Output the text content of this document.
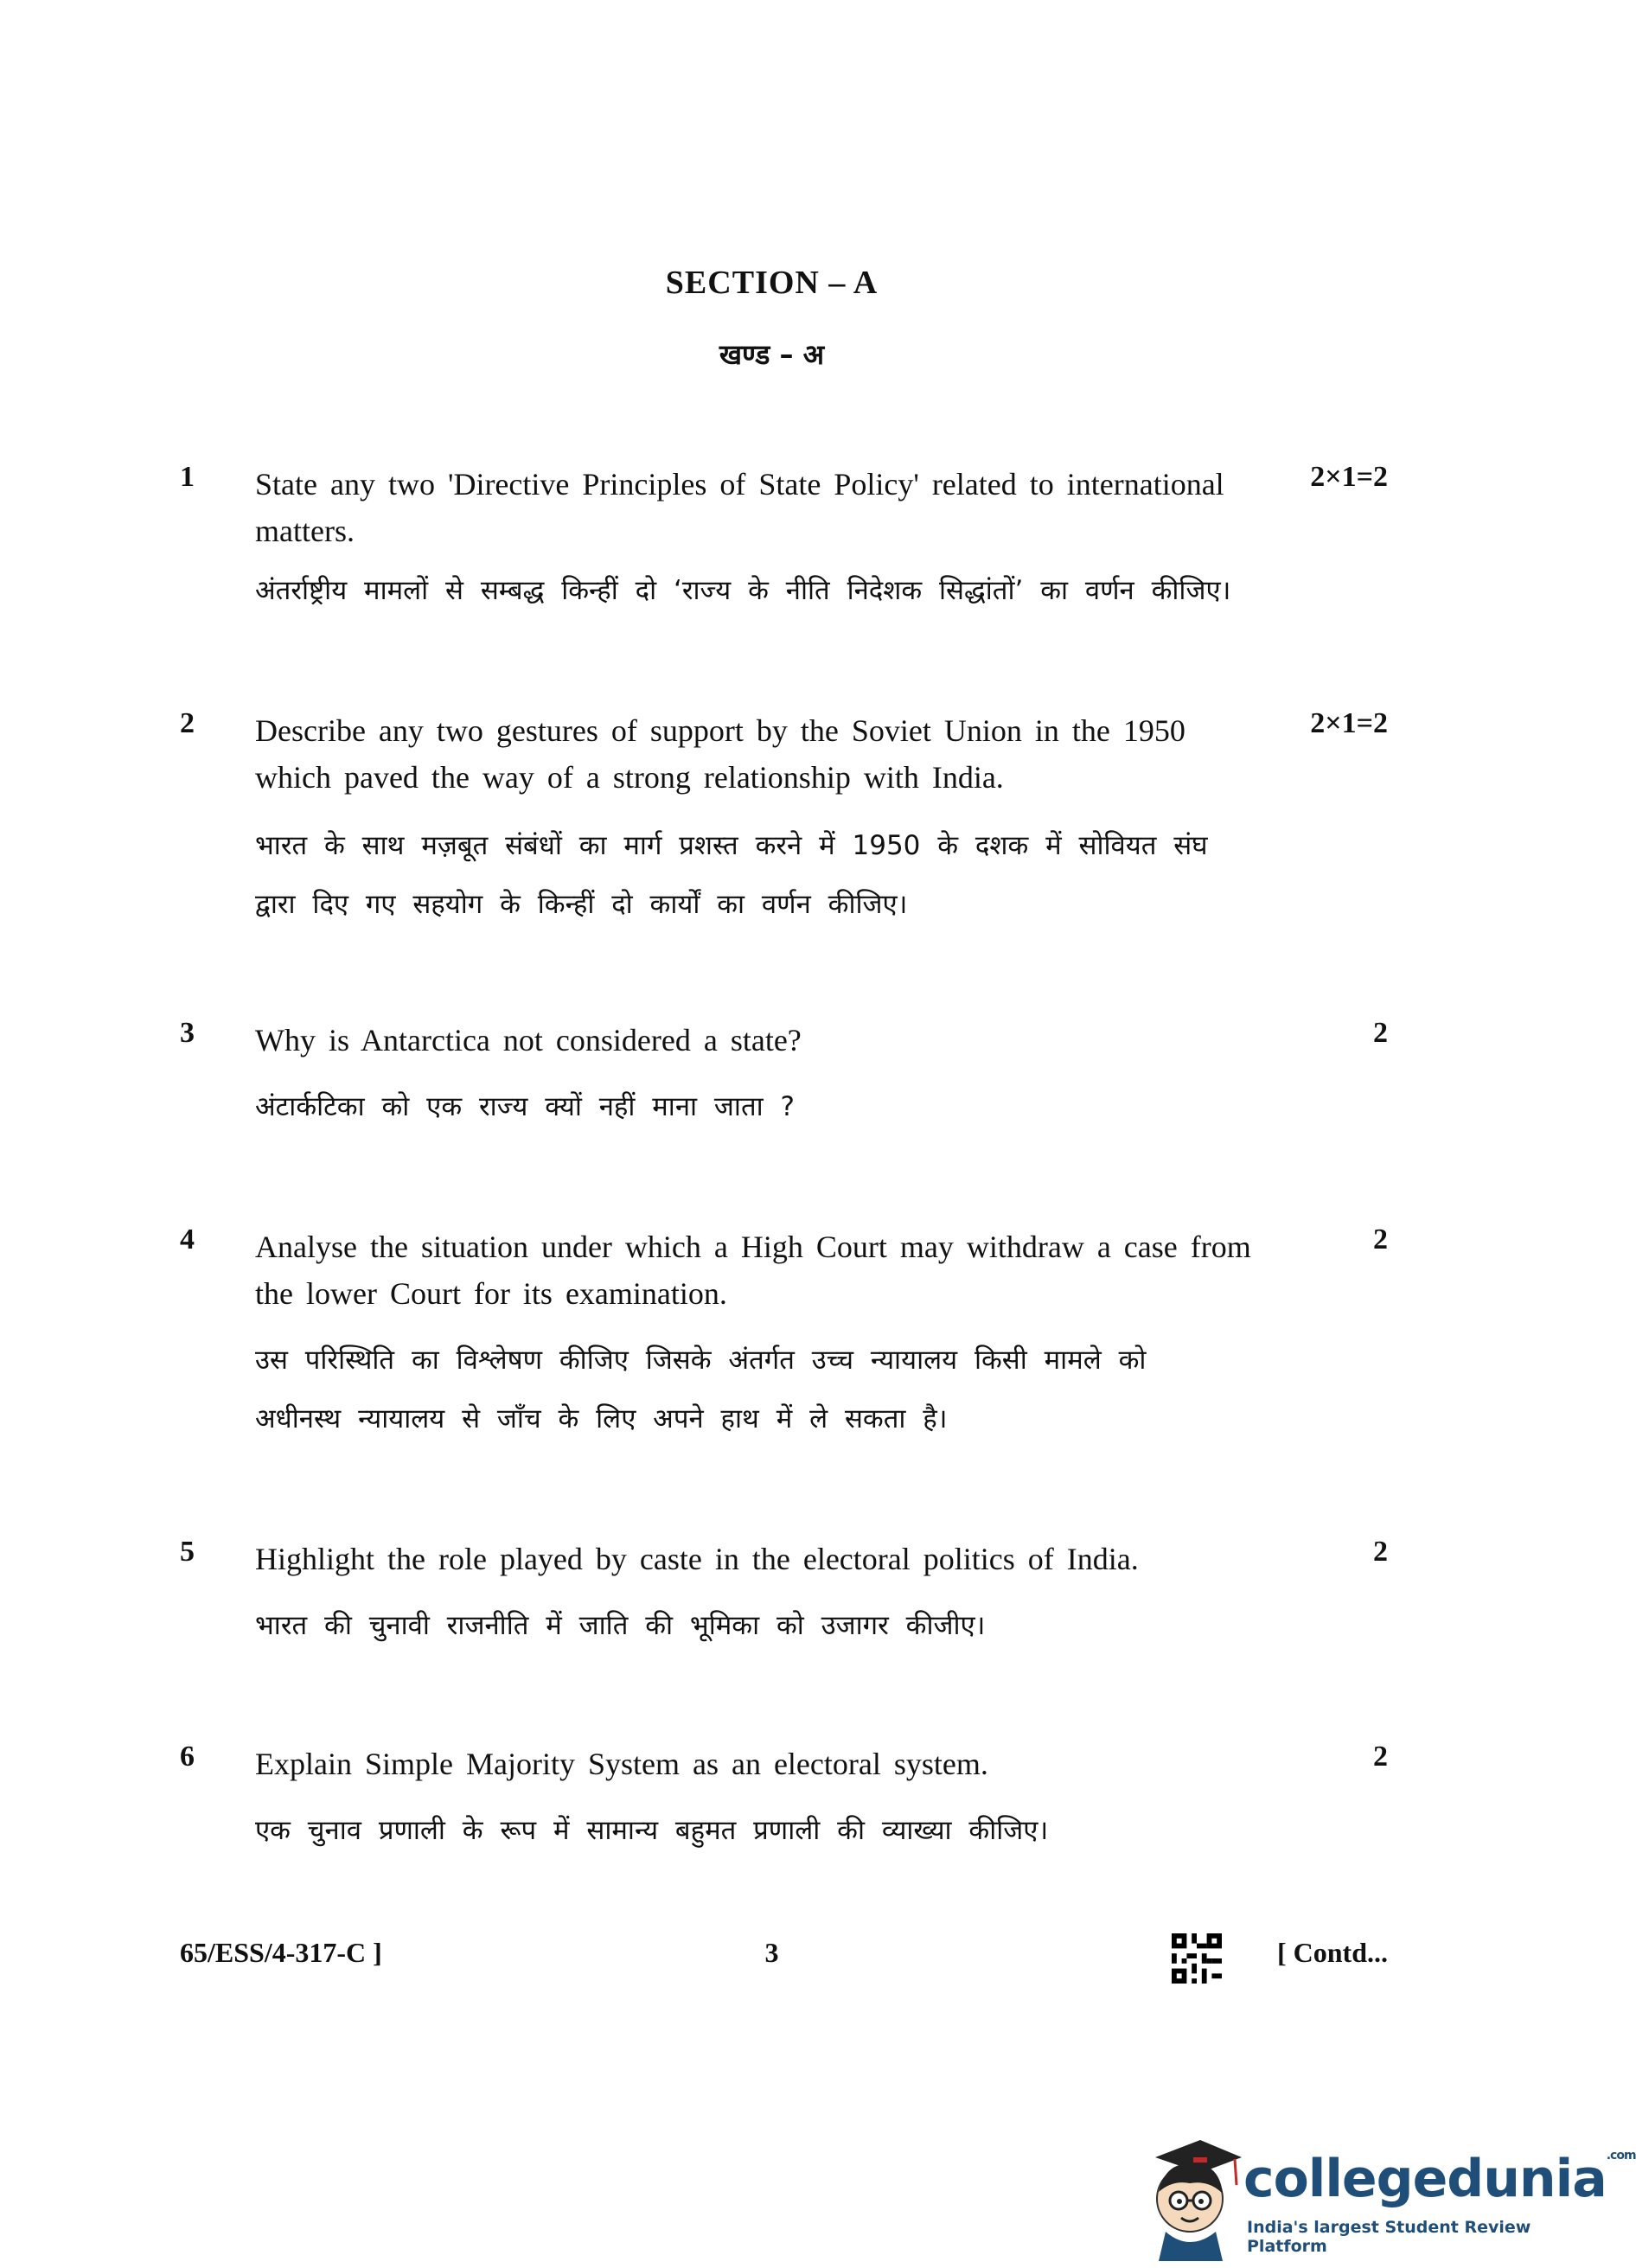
SECTION – A
खण्ड – अ
1 State any two 'Directive Principles of State Policy' related to international matters.
अंतर्राष्ट्रीय मामलों से सम्बद्ध किन्हीं दो ‘राज्य के नीति निदेशक सिद्धांतों’ का वर्णन कीजिए।
2×1=2
2 Describe any two gestures of support by the Soviet Union in the 1950 which paved the way of a strong relationship with India.
भारत के साथ मज़बूत संबंधों का मार्ग प्रशस्त करने में 1950 के दशक में सोवियत संघ द्वारा दिए गए सहयोग के किन्हीं दो कार्यों का वर्णन कीजिए।
2×1=2
3 Why is Antarctica not considered a state?
अंटार्कटिका को एक राज्य क्यों नहीं माना जाता ?
2
4 Analyse the situation under which a High Court may withdraw a case from the lower Court for its examination.
उस परिस्थिति का विश्लेषण कीजिए जिसके अंतर्गत उच्च न्यायालय किसी मामले को अधीनस्थ न्यायालय से जाँच के लिए अपने हाथ में ले सकता है।
2
5 Highlight the role played by caste in the electoral politics of India.
भारत की चुनावी राजनीति में जाति की भूमिका को उजागर कीजीए।
2
6 Explain Simple Majority System as an electoral system.
एक चुनाव प्रणाली के रूप में सामान्य बहुमत प्रणाली की व्याख्या कीजिए।
2
65/ESS/4-317-C ]	3	[ Contd...
collegedunia$^{.com}$
India's largest Student Review Platform
